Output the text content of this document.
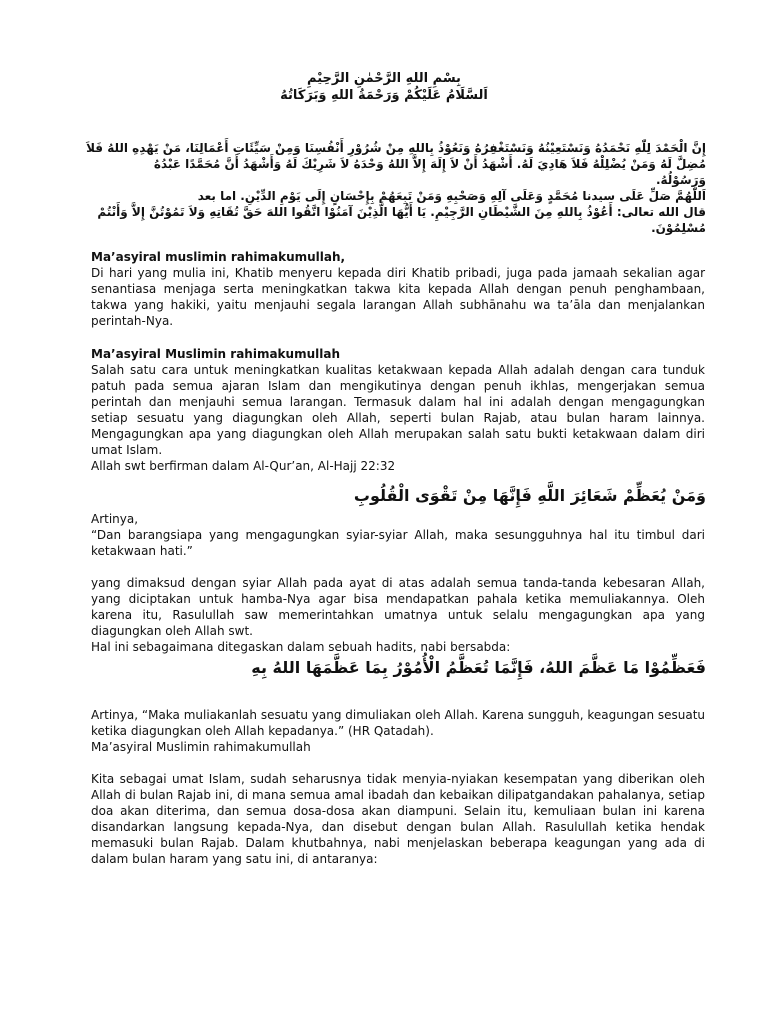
بِسْمِ اللهِ الرَّحْمٰنِ الرَّحِيْمِ
اَلسَّلَامُ عَلَيْكُمْ وَرَحْمَةُ اللهِ وَبَرَكَاتُهُ
إِنَّ الْحَمْدَ لِلّٰهِ نَحْمَدُهُ وَنَسْتَعِيْنُهُ وَنَسْتَغْفِرُهُ وَنَعُوْذُ بِاللهِ مِنْ شُرُوْرِ أَنْفُسِنَا وَمِنْ سَيِّئَاتِ أَعْمَالِنَا، مَنْ يَهْدِهِ اللهُ فَلاَ
مُضِلَّ لَهُ وَمَنْ يُضْلِلْهُ فَلاَ هَادِيَ لَهُ. أَشْهَدُ أَنْ لاَ إِلَهَ إِلاَّ اللهُ وَحْدَهُ لاَ شَرِيْكَ لَهُ وَأَشْهَدُ أَنَّ مُحَمَّدًا عَبْدُهُ
وَرَسُوْلُهُ.
اَللّٰهُمَّ صَلِّ عَلَى سيدنا مُحَمَّدٍ وَعَلَى آلِهِ وَصَحْبِهِ وَمَنْ تَبِعَهُمْ بِإِحْسَانٍ إِلَى يَوْمِ الدِّيْنِ. اما بعد
قال الله تعالى: أَعُوْذُ بِاللهِ مِنَ الشَّيْطَانِ الرَّجِيْمِ. يَا أَيُّهَا الَّذِيْنَ آمَنُوْا اتَّقُوا اللهَ حَقَّ تُقَاتِهِ وَلاَ تَمُوْتُنَّ إِلاَّ وَأَنْتُمْ
مُسْلِمُوْنَ.

Ma’asyiral muslimin rahimakumullah,

Di hari yang mulia ini, Khatib menyeru kepada diri Khatib pribadi, juga pada jamaah sekalian agar senantiasa menjaga serta meningkatkan takwa kita kepada Allah dengan penuh penghambaan, takwa yang hakiki, yaitu menjauhi segala larangan Allah subhānahu wa ta’āla dan menjalankan perintah-Nya.

Ma’asyiral Muslimin rahimakumullah

Salah satu cara untuk meningkatkan kualitas ketakwaan kepada Allah adalah dengan cara tunduk patuh pada semua ajaran Islam dan mengikutinya dengan penuh ikhlas, mengerjakan semua perintah dan menjauhi semua larangan. Termasuk dalam hal ini adalah dengan mengagungkan setiap sesuatu yang diagungkan oleh Allah, seperti bulan Rajab, atau bulan haram lainnya. Mengagungkan apa yang diagungkan oleh Allah merupakan salah satu bukti ketakwaan dalam diri umat Islam.

Allah swt berfirman dalam Al-Qur’an, Al-Hajj 22:32

وَمَنْ يُعَظِّمْ شَعَائِرَ اللَّهِ فَإِنَّهَا مِنْ تَقْوَى الْقُلُوبِ

Artinya,

“Dan barangsiapa yang mengagungkan syiar-syiar Allah, maka sesungguhnya hal itu timbul dari ketakwaan hati.”

yang dimaksud dengan syiar Allah pada ayat di atas adalah semua tanda-tanda kebesaran Allah, yang diciptakan untuk hamba-Nya agar bisa mendapatkan pahala ketika memuliakannya. Oleh karena itu, Rasulullah saw memerintahkan umatnya untuk selalu mengagungkan apa yang diagungkan oleh Allah swt.

Hal ini sebagaimana ditegaskan dalam sebuah hadits, nabi bersabda:

فَعَظِّمُوْا مَا عَظَّمَ اللهُ، فَإِنَّمَا تُعَظَّمُ الْأُمُوْرُ بِمَا عَظَّمَهَا اللهُ بِهِ

Artinya, “Maka muliakanlah sesuatu yang dimuliakan oleh Allah. Karena sungguh, keagungan sesuatu ketika diagungkan oleh Allah kepadanya.” (HR Qatadah).

Ma’asyiral Muslimin rahimakumullah

Kita sebagai umat Islam, sudah seharusnya tidak menyia-nyiakan kesempatan yang diberikan oleh Allah di bulan Rajab ini, di mana semua amal ibadah dan kebaikan dilipatgandakan pahalanya, setiap doa akan diterima, dan semua dosa-dosa akan diampuni. Selain itu, kemuliaan bulan ini karena disandarkan langsung kepada-Nya, dan disebut dengan bulan Allah. Rasulullah ketika hendak memasuki bulan Rajab. Dalam khutbahnya, nabi menjelaskan beberapa keagungan yang ada di dalam bulan haram yang satu ini, di antaranya:
